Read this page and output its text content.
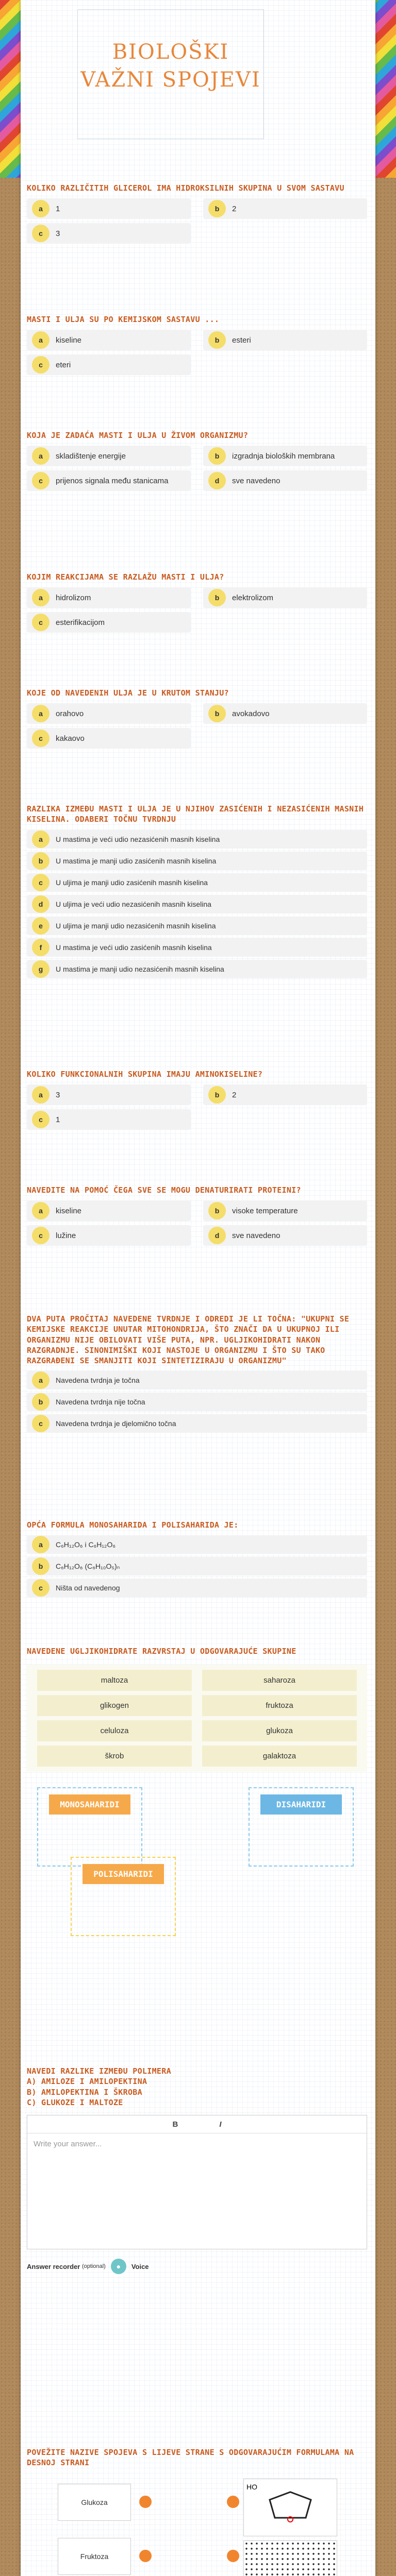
BIOLOŠKI VAŽNI SPOJEVI
KOLIKO RAZLIČITIH GLICEROL IMA HIDROKSILNIH SKUPINA U SVOM SASTAVU
a	1	b	2
c	3
MASTI I ULJA SU PO KEMIJSKOM SASTAVU ...
a	kiseline	b	esteri
c	eteri
KOJA JE ZADAĆA MASTI I ULJA U ŽIVOM ORGANIZMU?
a	skladištenje energije	b	izgradnja bioloških membrana
c	prijenos signala među stanicama	d	sve navedeno
KOJIM REAKCIJAMA SE RAZLAŽU MASTI I ULJA?
a	hidrolizom	b	elektrolizom
c	esterifikacijom
KOJE OD NAVEDENIH ULJA JE U KRUTOM STANJU?
a	orahovo	b	avokadovo
c	kakaovo
RAZLIKA IZMEĐU MASTI I ULJA JE U NJIHOV ZASIĆENIH I NEZASIĆENIH MASNIH KISELINA. ODABERI TOČNU TVRDNJU
a	U mastima je veći udio nezasićenih masnih kiselina
b	U mastima je manji udio zasićenih masnih kiselina
c	U uljima je manji udio zasićenih masnih kiselina
d	U uljima je veći udio nezasićenih masnih kiselina
e	U uljima je manji udio nezasićenih masnih kiselina
f	U mastima je veći udio zasićenih masnih kiselina
g	U mastima je manji udio nezasićenih masnih kiselina
KOLIKO FUNKCIONALNIH SKUPINA IMAJU AMINOKISELINE?
a	3	b	2
c	1
NAVEDITE NA POMOĆ ČEGA SVE SE MOGU DENATURIRATI PROTEINI?
a	kiseline	b	visoke temperature
c	lužine	d	sve navedeno
DVA PUTA PROČITAJ NAVEDENE TVRDNJE I ODREDI JE LI TOČNA: "UKUPNI SE KEMIJSKE REAKCIJE UNUTAR MITOHONDRIJA, ŠTO ZNAČI DA U UKUPNOJ ILI ORGANIZMU NIJE OBILOVATI VIŠE PUTA, NPR. UGLJIKOHIDRATI NAKON RAZGRADNJE. SINONIMIŠKI KOJI NASTOJE U ORGANIZMU I ŠTO SU TAKO RAZGRAĐENI SE SMANJITI KOJI SINTETIZIRAJU U ORGANIZMU"
a	Navedena tvrdnja je točna
b	Navedena tvrdnja nije točna
c	Navedena tvrdnja je djelomično točna
OPĆA FORMULA MONOSAHARIDA I POLISAHARIDA JE:
a	C₆H₁₂O₆ i C₆H₁₂O₆
b	C₆H₁₂O₆ (C₆H₁₀O₅)ₙ
c	Ništa od navedenog
NAVEDENE UGLJIKOHIDRATE RAZVRSTAJ U ODGOVARAJUĆE SKUPINE
maltoza	saharoza
glikogen	fruktoza
celuloza	glukoza
škrob	galaktoza
MONOSAHARIDI	DISAHARIDI
POLISAHARIDI
NAVEDI RAZLIKE IZMEĐU POLIMERA
A) AMILOZE I AMILOPEKTINA
B) AMILOPEKTINA I ŠKROBA
C) GLUKOZE I MALTOZE
B	I
Write your answer...
Answer recorder
(optional)	●	Voice
POVEŽITE NAZIVE SPOJEVA S LIJEVE STRANE S ODGOVARAJUĆIM FORMULAMA NA DESNOJ STRANI
Glukoza
Fruktoza
HO
